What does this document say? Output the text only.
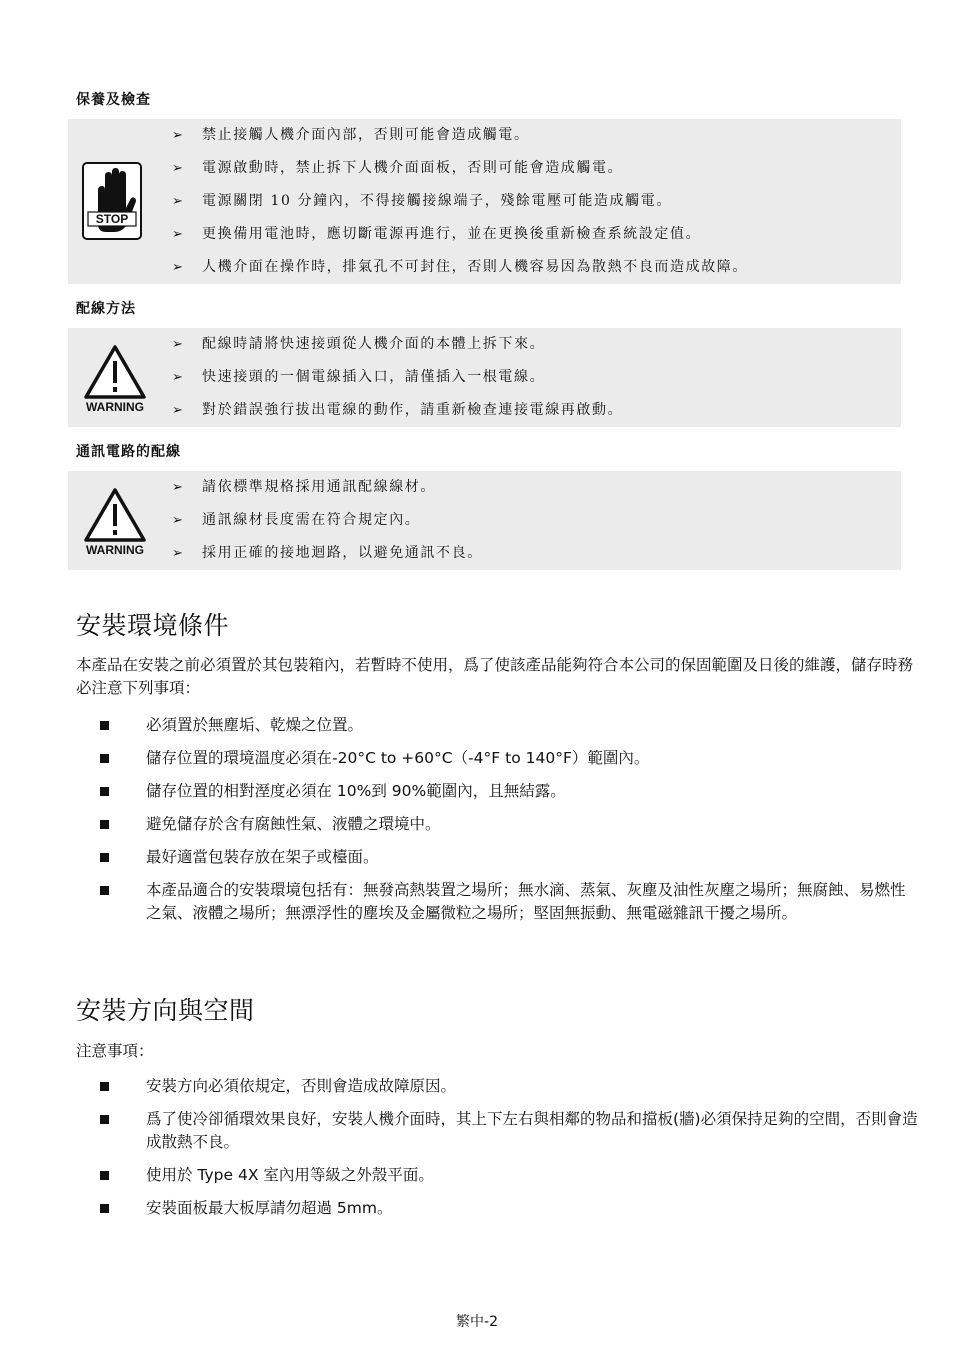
保養及檢查
STOP
➢ 禁止接觸人機介面內部，否則可能會造成觸電。
➢ 電源啟動時，禁止拆下人機介面面板，否則可能會造成觸電。
➢ 電源關閉 10 分鐘內，不得接觸接線端子，殘餘電壓可能造成觸電。
➢ 更換備用電池時，應切斷電源再進行，並在更換後重新檢查系統設定值。
➢ 人機介面在操作時，排氣孔不可封住，否則人機容易因為散熱不良而造成故障。
配線方法
WARNING
➢ 配線時請將快速接頭從人機介面的本體上拆下來。
➢ 快速接頭的一個電線插入口，請僅插入一根電線。
➢ 對於錯誤強行拔出電線的動作，請重新檢查連接電線再啟動。
通訊電路的配線
WARNING
➢ 請依標準規格採用通訊配線線材。
➢ 通訊線材長度需在符合規定內。
➢ 採用正確的接地迴路，以避免通訊不良。
安裝環境條件
本產品在安裝之前必須置於其包裝箱內，若暫時不使用，爲了使該產品能夠符合本公司的保固範圍及日後的維護，儲存時務必注意下列事項：
必須置於無塵垢、乾燥之位置。
儲存位置的環境溫度必須在-20°C to +60°C（-4°F to 140°F）範圍內。
儲存位置的相對溼度必須在 10%到 90%範圍內，且無結露。
避免儲存於含有腐蝕性氣、液體之環境中。
最好適當包裝存放在架子或檯面。
本產品適合的安裝環境包括有：無發高熱裝置之場所；無水滴、蒸氣、灰塵及油性灰塵之場所；無腐蝕、易燃性之氣、液體之場所；無漂浮性的塵埃及金屬微粒之場所；堅固無振動、無電磁雜訊干擾之場所。
安裝方向與空間
注意事項：
安裝方向必須依規定，否則會造成故障原因。
爲了使冷卻循環效果良好，安裝人機介面時，其上下左右與相鄰的物品和擋板(牆)必須保持足夠的空間，否則會造成散熱不良。
使用於 Type 4X 室內用等級之外殼平面。
安裝面板最大板厚請勿超過 5mm。
繁中-2
